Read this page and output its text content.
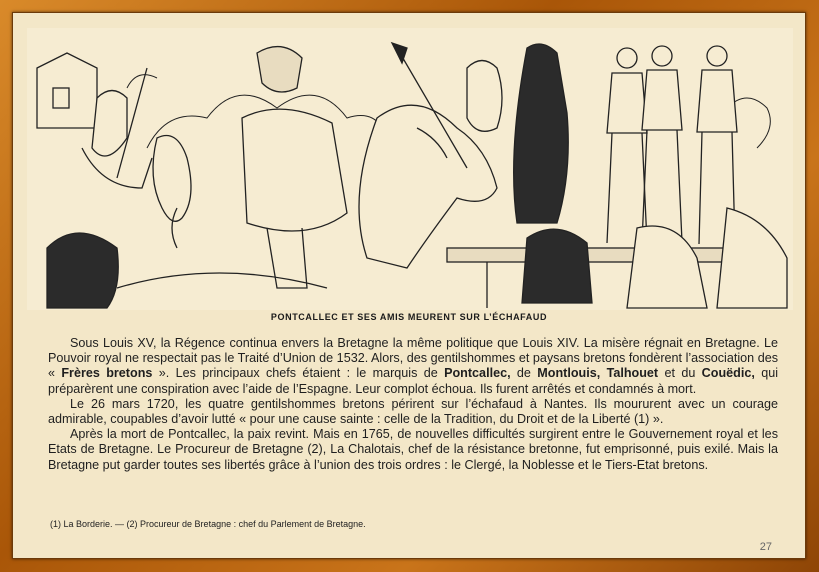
PONTCALLEC ET SES AMIS MEURENT SUR L’ÉCHAFAUD

Sous Louis XV, la Régence continua envers la Bretagne la même politique que Louis XIV. La misère régnait en Bretagne. Le Pouvoir royal ne respectait pas le Traité d’Union de 1532. Alors, des gentilshommes et paysans bretons fondèrent l’association des « Frères bretons ». Les principaux chefs étaient : le marquis de Pontcallec, de Montlouis, Talhouet et du Couëdic, qui préparèrent une conspiration avec l’aide de l’Espagne. Leur complot échoua. Ils furent arrêtés et condamnés à mort.

Le 26 mars 1720, les quatre gentilshommes bretons périrent sur l’échafaud à Nantes. Ils moururent avec un courage admirable, coupables d’avoir lutté « pour une cause sainte : celle de la Tradition, du Droit et de la Liberté (1) ».

Après la mort de Pontcallec, la paix revint. Mais en 1765, de nouvelles difficultés surgirent entre le Gouvernement royal et les Etats de Bretagne. Le Procureur de Bretagne (2), La Chalotais, chef de la résistance bretonne, fut emprisonné, puis exilé. Mais la Bretagne put garder toutes ses libertés grâce à l’union des trois ordres : le Clergé, la Noblesse et le Tiers-Etat bretons.

(1) La Borderie. — (2) Procureur de Bretagne : chef du Parlement de Bretagne.
27
